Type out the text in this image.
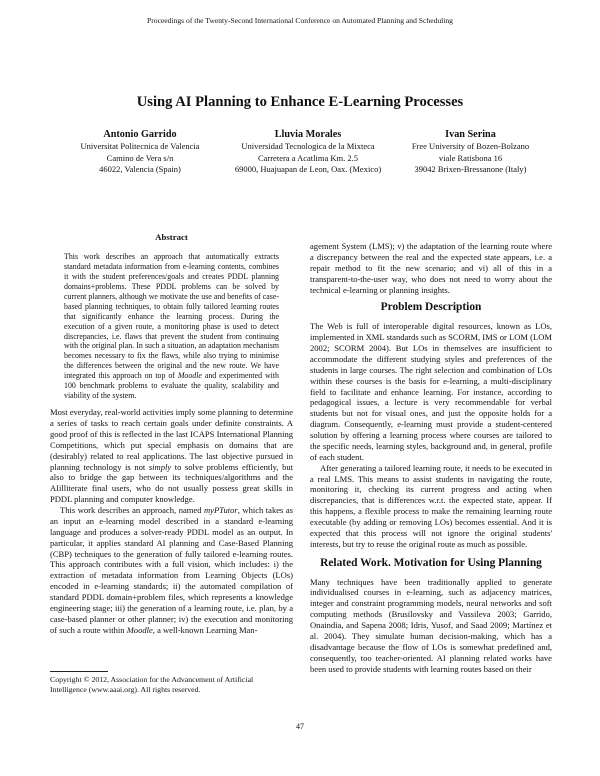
Proceedings of the Twenty-Second International Conference on Automated Planning and Scheduling
Using AI Planning to Enhance E-Learning Processes
Antonio Garrido
Universitat Politecnica de Valencia
Camino de Vera s/n
46022, Valencia (Spain)
Lluvia Morales
Universidad Tecnologica de la Mixteca
Carretera a Acatlima Km. 2.5
69000, Huajuapan de Leon, Oax. (Mexico)
Ivan Serina
Free University of Bozen-Bolzano
viale Ratisbona 16
39042 Brixen-Bressanone (Italy)
Abstract

This work describes an approach that automatically extracts standard metadata information from e-learning contents, combines it with the student preferences/goals and creates PDDL planning domains+problems. These PDDL problems can be solved by current planners, although we motivate the use and benefits of case-based planning techniques, to obtain fully tailored learning routes that significantly enhance the learning process. During the execution of a given route, a monitoring phase is used to detect discrepancies, i.e. flaws that prevent the student from continuing with the original plan. In such a situation, an adaptation mechanism becomes necessary to fix the flaws, while also trying to minimise the differences between the original and the new route. We have integrated this approach on top of Moodle and experimented with 100 benchmark problems to evaluate the quality, scalability and viability of the system.

Most everyday, real-world activities imply some planning to determine a series of tasks to reach certain goals under definite constraints. A good proof of this is reflected in the last ICAPS International Planning Competitions, which put special emphasis on domains that are (desirably) related to real applications. The last objective pursued in planning technology is not simply to solve problems efficiently, but also to bridge the gap between its techniques/algorithms and the AIilliterate final users, who do not usually possess great skills in PDDL planning and computer knowledge.

This work describes an approach, named myPTutor, which takes as an input an e-learning model described in a standard e-learning language and produces a solver-ready PDDL model as an output. In particular, it applies standard AI planning and Case-Based Planning (CBP) techniques to the generation of fully tailored e-learning routes. This approach contributes with a full vision, which includes: i) the extraction of metadata information from Learning Objects (LOs) encoded in e-learning standards; ii) the automated compilation of standard PDDL domain+problem files, which represents a knowledge engineering stage; iii) the generation of a learning route, i.e. plan, by a case-based planner or other planner; iv) the execution and monitoring of such a route within Moodle, a well-known Learning Man-

agement System (LMS); v) the adaptation of the learning route where a discrepancy between the real and the expected state appears, i.e. a repair method to fit the new scenario; and vi) all of this in a transparent-to-the-user way, who does not need to worry about the technical e-learning or planning insights.

Problem Description

The Web is full of interoperable digital resources, known as LOs, implemented in XML standards such as SCORM, IMS or LOM (LOM 2002; SCORM 2004). But LOs in themselves are insufficient to accommodate the different studying styles and preferences of the students in large courses. The right selection and combination of LOs within these courses is the basis for e-learning, a multi-disciplinary field to facilitate and enhance learning. For instance, according to pedagogical issues, a lecture is very recommendable for verbal students but not for visual ones, and just the opposite holds for a diagram. Consequently, e-learning must provide a student-centered solution by offering a learning process where courses are tailored to the specific needs, learning styles, background and, in general, profile of each student.

After generating a tailored learning route, it needs to be executed in a real LMS. This means to assist students in navigating the route, monitoring it, checking its current progress and acting when discrepancies, that is differences w.r.t. the expected state, appear. If this happens, a flexible process to make the remaining learning route executable (by adding or removing LOs) becomes essential. And it is expected that this process will not ignore the original students' interests, but try to reuse the original route as much as possible.

Related Work. Motivation for Using Planning

Many techniques have been traditionally applied to generate individualised courses in e-learning, such as adjacency matrices, integer and constraint programming models, neural networks and soft computing methods (Brusilovsky and Vassileva 2003; Garrido, Onaindia, and Sapena 2008; Idris, Yusof, and Saad 2009; Martínez et al. 2004). They simulate human decision-making, which has a disadvantage because the flow of LOs is somewhat predefined and, consequently, too teacher-oriented. AI planning related works have been used to provide students with learning routes based on their

Copyright © 2012, Association for the Advancement of Artificial
Intelligence (www.aaai.org). All rights reserved.
47
